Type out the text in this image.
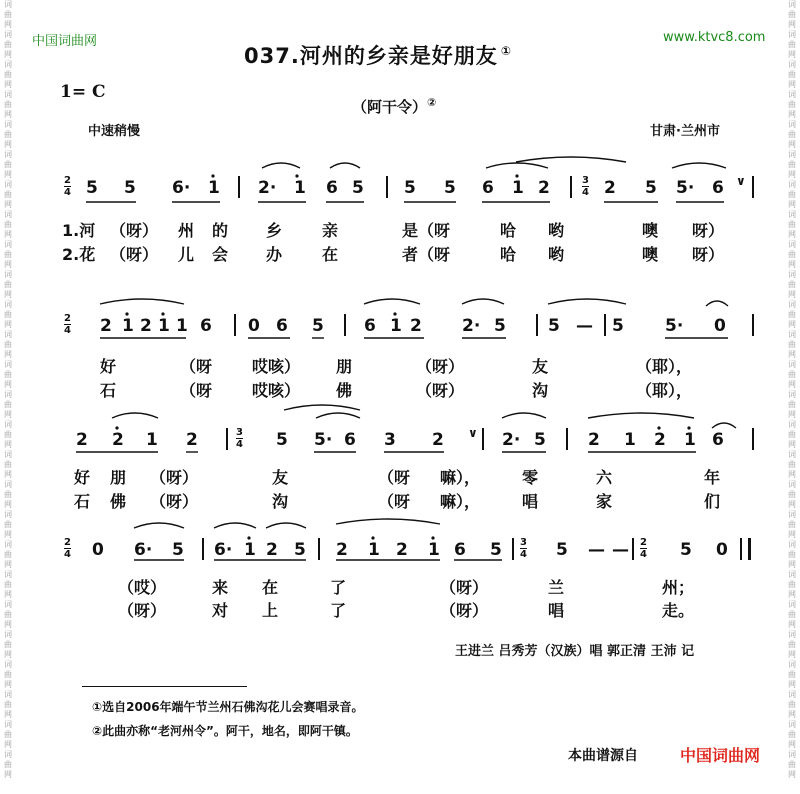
词
曲
网
词
曲
网
词
曲
网
词
曲
网
词
曲
网
词
曲
网
词
曲
网
词
曲
网
词
曲
网
词
曲
网
词
曲
网
词
曲
网
词
曲
网
词
曲
网
词
曲
网
词
曲
网
词
曲
网
词
曲
网
词
曲
网
词
曲
网
词
曲
网
词
曲
网
词
曲
网
词
曲
网
词
曲
网
词
曲
网
词
曲
网
词
曲
网
词
曲
网
词
曲
网
词
曲
网
词
曲
网
词
曲
网
词
曲
网
词
曲
网
词
曲
网
词
曲
网
词
曲
网
词
曲
网
词
曲
网
词
曲
网
词
曲
网
词
曲
网
词
曲
网
词
曲
网
词
曲
网
词
曲
网
词
曲
网
词
曲
网
词
曲
网
词
曲
网
词
曲
网
中国词曲网	www.ktvc8.com
037.河州的乡亲是好朋友 ①
（阿干令）②
1= C
中速稍慢	甘肃·兰州市
$\frac{2}{4} 5$ 5 6· 1 2· 1 6 5 5 5 6 1 2	$\frac{3}{4} 2$ 5 5· 6 ∨
1.河 （呀） 州 的 乡 亲	是（呀	哈 哟	噢 呀）
2.花 （呀） 儿 会 办 在	者（呀	哈 哟	噢 呀）
$\frac{2}{4} 2$ 1 2 1 1 6 0 6 5 6 1 2 2· 5 5 — 5 5· 0
好	（呀 哎咳） 朋	（呀）	友	（耶），
石	（呀 哎咳） 佛	（呀）	沟	（耶），
2 2 1 2	$\frac{3}{4} 5$ 5· 6 3 2 ∨ 2· 5 2 1 2 1 6
好 朋 （呀）	友	（呀 嘛），	零	六	年
石 佛 （呀）	沟	（呀 嘛），	唱	家	们
$\frac{2}{4} 0$ 6· 5 6· 1 2 5 2 1 2 1 6 $5 \frac{3}{4} 5$ — — $\frac{2}{4} 5$ 0
（哎）	来 在	了	（呀）	兰	州；
（呀）	对 上	了	（呀）	唱	走。
王进兰 吕秀芳（汉族）唱 郭正清 王沛 记
①选自2006年端午节兰州石佛沟花儿会赛唱录音。
②此曲亦称“老河州令”。阿干，地名，即阿干镇。
本曲谱源自	中国词曲网
